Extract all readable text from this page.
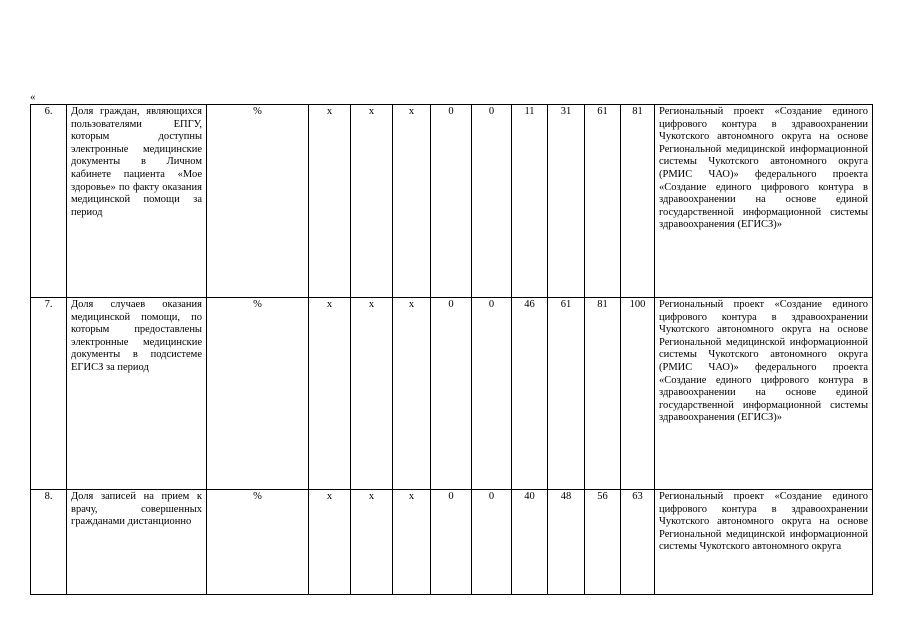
«
6.	Доля граждан, являющихся пользователями ЕПГУ, которым доступны электронные медицинские документы в Личном кабинете пациента «Мое здоровье» по факту оказания медицинской помощи за период	%	x	x	x	0	0	11	31	61	81	Региональный проект «Создание единого цифрового контура в здравоохранении Чукотского автономного округа на основе Региональной медицинской информационной системы Чукотского автономного округа (РМИС ЧАО)» федерального проекта «Создание единого цифрового контура в здравоохранении на основе единой государственной информационной системы здравоохранения (ЕГИСЗ)»
7.	Доля случаев оказания медицинской помощи, по которым предоставлены электронные медицинские документы в подсистеме ЕГИСЗ за период	%	x	x	x	0	0	46	61	81	100	Региональный проект «Создание единого цифрового контура в здравоохранении Чукотского автономного округа на основе Региональной медицинской информационной системы Чукотского автономного округа (РМИС ЧАО)» федерального проекта «Создание единого цифрового контура в здравоохранении на основе единой государственной информационной системы здравоохранения (ЕГИСЗ)»
8.	Доля записей на прием к врачу, совершенных гражданами дистанционно	%	x	x	x	0	0	40	48	56	63	Региональный проект «Создание единого цифрового контура в здравоохранении Чукотского автономного округа на основе Региональной медицинской информационной системы Чукотского автономного округа
